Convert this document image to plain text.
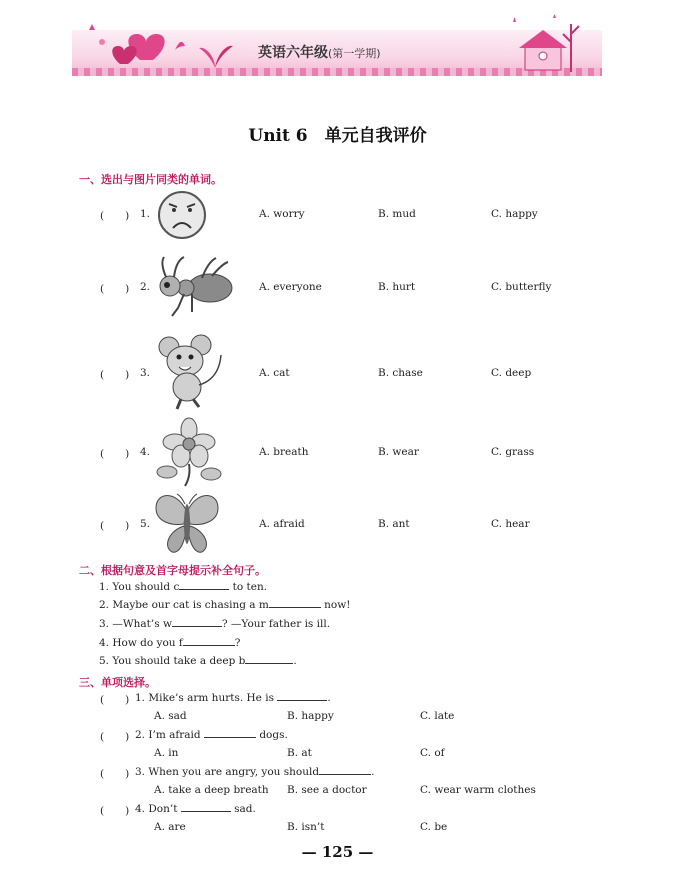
英语六年级(第一学期)
Unit 6　单元自我评价
一、选出与图片同类的单词。
(　　) 1.	A. worry	B. mud	C. happy
(　　) 2.	A. everyone	B. hurt	C. butterfly
(　　) 3.	A. cat	B. chase	C. deep
(　　) 4.	A. breath	B. wear	C. grass
(　　) 5.	A. afraid	B. ant	C. hear
二、根据句意及首字母提示补全句子。
1. You should c	to ten.
2. Maybe our cat is chasing a m	now!
3. —What’s w	? —Your father is ill.
4. How do you f	?
5. You should take a deep b	.
三、单项选择。
(　　) 1. Mike’s arm hurts. He is	.
A. sad	B. happy	C. late
(　　) 2. I’m afraid	dogs.
A. in	B. at	C. of
(　　) 3. When you are angry, you should	.
A. take a deep breath B. see a doctor	C. wear warm clothes
(　　) 4. Don’t	sad.
A. are	B. isn’t	C. be
— 125 —
